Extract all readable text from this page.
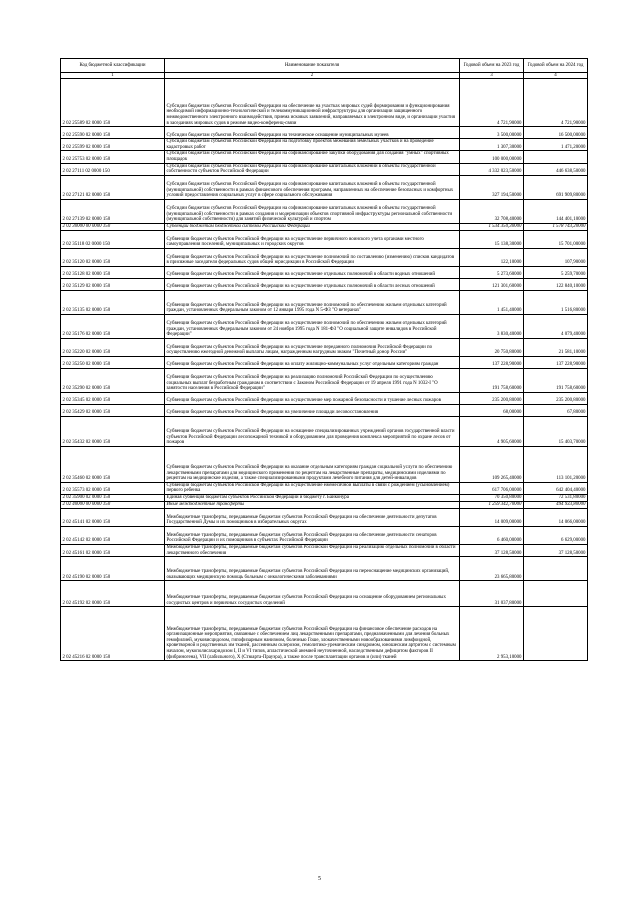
Код бюджетной классификации	Наименование показателя	Годовой объем на 2023 год	Годовой объем на 2024 год
1	2	3	4
2 02 25589 02 0000 150	Субсидии бюджетам субъектов Российской Федерации на обеспечение на участках мировых судей формирования и функционирования необходимой информационно-технологической и телекоммуникационной инфраструктуры для организации защищенного межведомственного электронного взаимодействия, приема исковых заявлений, направляемых в электронном виде, и организации участия в заседаниях мировых судов в режиме видео-конференц-связи	4 721,90000	4 721,90000
2 02 25590 02 0000 150	Субсидии бюджетам субъектов Российской Федерации на техническое оснащение муниципальных музеев	3 500,00000	16 500,00000
2 02 25599 02 0000 150	Субсидии бюджетам субъектов Российской Федерации на подготовку проектов межевания земельных участков и на проведение кадастровых работ	1 307,30000	1 471,20000
2 02 25753 02 0000 150	Субсидии бюджетам субъектов Российской Федерации на софинансирование закупки оборудования для создания "умных" спортивных площадок	100 000,00000	
2 02 27111 02 0000 150	Субсидии бюджетам субъектов Российской Федерации на софинансирование капитальных вложений в объекты государственной собственности субъектов Российской Федерации	4 332 023,50000	446 638,50000
2 02 27121 02 0000 150	Субсидии бюджетам субъектов Российской Федерации на софинансирование капитальных вложений в объекты государственной (муниципальной) собственности в рамках финансового обеспечения программ, направленных на обеспечение безопасных и комфортных условий предоставления социальных услуг в сфере социального обслуживания	327 194,50000	691 909,80000
2 02 27139 02 0000 150	Субсидии бюджетам субъектов Российской Федерации на софинансирование капитальных вложений в объекты государственной (муниципальной) собственности в рамках создания и модернизации объектов спортивной инфраструктуры региональной собственности (муниципальной собственности) для занятий физической культурой и спортом	32 708,40000	144 401,10000
2 02 30000 00 0000 150	Субвенции бюджетам бюджетной системы Российской Федерации	1 534 350,30000	1 578 743,20000
2 02 35118 02 0000 150	Субвенции бюджетам субъектов Российской Федерации на осуществление первичного воинского учета органами местного самоуправления поселений, муниципальных и городских округов	15 138,30000	15 701,00000
2 02 35120 02 0000 150	Субвенции бюджетам субъектов Российской Федерации на осуществление полномочий по составлению (изменению) списков кандидатов в присяжные заседатели федеральных судов общей юрисдикции в Российской Федерации	122,10000	107,90000
2 02 35128 02 0000 150	Субвенции бюджетам субъектов Российской Федерации на осуществление отдельных полномочий в области водных отношений	5 273,60000	5 259,70000
2 02 35129 02 0000 150	Субвенции бюджетам субъектов Российской Федерации на осуществление отдельных полномочий в области лесных отношений	121 301,60000	122 840,10000
2 02 35135 02 0000 150	Субвенции бюджетам субъектов Российской Федерации на осуществление полномочий по обеспечению жильем отдельных категорий граждан, установленных Федеральным законом от 12 января 1995 года N 5-ФЗ "О ветеранах"	1 451,40000	1 516,80000
2 02 35176 02 0000 150	Субвенции бюджетам субъектов Российской Федерации на осуществление полномочий по обеспечению жильем отдельных категорий граждан, установленных Федеральным законом от 24 ноября 1995 года N 181-ФЗ "О социальной защите инвалидов в Российской Федерации"	3 830,40000	4 079,40000
2 02 35220 02 0000 150	Субвенции бюджетам субъектов Российской Федерации на осуществление переданного полномочия Российской Федерации по осуществлению ежегодной денежной выплаты лицам, награжденным нагрудным знаком "Почетный донор России"	20 750,80000	21 581,10000
2 02 35250 02 0000 150	Субвенции бюджетам субъектов Российской Федерации на оплату жилищно-коммунальных услуг отдельным категориям граждан	137 228,90000	137 228,90000
2 02 35290 02 0000 150	Субвенции бюджетам субъектов Российской Федерации на реализацию полномочий Российской Федерации по осуществлению социальных выплат безработным гражданам в соответствии с Законом Российской Федерации от 19 апреля 1991 года N 1032-I "О занятости населения в Российской Федерации"	191 758,60000	191 758,60000
2 02 35345 02 0000 150	Субвенции бюджетам субъектов Российской Федерации на осуществление мер пожарной безопасности и тушение лесных пожаров	235 200,80000	235 200,80000
2 02 35429 02 0000 150	Субвенции бюджетам субъектов Российской Федерации на увеличение площади лесовосстановления	68,00000	67,80000
2 02 35432 02 0000 150	Субвенции бюджетам субъектов Российской Федерации на оснащение специализированных учреждений органов государственной власти субъектов Российской Федерации лесопожарной техникой и оборудованием для проведения комплекса мероприятий по охране лесов от пожаров	4 905,60000	15 403,70000
2 02 35460 02 0000 150	Субвенции бюджетам субъектов Российской Федерации на оказание отдельным категориям граждан социальной услуги по обеспечению лекарственными препаратами для медицинского применения по рецептам на лекарственные препараты, медицинскими изделиями по рецептам на медицинские изделия, а также специализированными продуктами лечебного питания для детей-инвалидов	109 265,40000	113 101,20000
2 02 35573 02 0000 150	Субвенции бюджетам субъектов Российской Федерации на осуществление ежемесячной выплаты в связи с рождением (усыновлением) первого ребенка	617 706,00000	642 404,40000
2 02 35900 02 0000 150	Единая субвенция бюджетам субъектов Российской Федерации и бюджету г. Байконура	70 350,80000	72 531,80000
2 02 40000 00 0000 150	Иные межбюджетные трансферты	1 259 342,70000	494 933,80000
2 02 45141 02 0000 150	Межбюджетные трансферты, передаваемые бюджетам субъектов Российской Федерации на обеспечение деятельности депутатов Государственной Думы и их помощников в избирательных округах	14 009,00000	14 066,00000
2 02 45142 02 0000 150	Межбюджетные трансферты, передаваемые бюджетам субъектов Российской Федерации на обеспечение деятельности сенаторов Российской Федерации и их помощников в субъектах Российской Федерации	6 460,00000	6 629,00000
2 02 45161 02 0000 150	Межбюджетные трансферты, передаваемые бюджетам субъектов Российской Федерации на реализацию отдельных полномочий в области лекарственного обеспечения	37 128,50000	37 128,50000
2 02 45190 02 0000 150	Межбюджетные трансферты, передаваемые бюджетам субъектов Российской Федерации на переоснащение медицинских организаций, оказывающих медицинскую помощь больным с онкологическими заболеваниями	23 665,80000	
2 02 45192 02 0000 150	Межбюджетные трансферты, передаваемые бюджетам субъектов Российской Федерации на оснащение оборудованием региональных сосудистых центров и первичных сосудистых отделений	31 037,80000	
2 02 45216 02 0000 150	Межбюджетные трансферты, передаваемые бюджетам субъектов Российской Федерации на финансовое обеспечение расходов на организационные мероприятия, связанные с обеспечением лиц лекарственными препаратами, предназначенными для лечения больных гемофилией, муковисцидозом, гипофизарным нанизмом, болезнью Гоше, злокачественными новообразованиями лимфоидной, кроветворной и родственных им тканей, рассеянным склерозом, гемолитико-уремическим синдромом, юношеским артритом с системным началом, мукополисахаридозом I, II и VI типов, апластической анемией неуточненной, наследственным дефицитом факторов II (фибриногена), VII (лабильного), X (Стюарта-Прауэра), а также после трансплантации органов и (или) тканей	2 953,10000	
5
